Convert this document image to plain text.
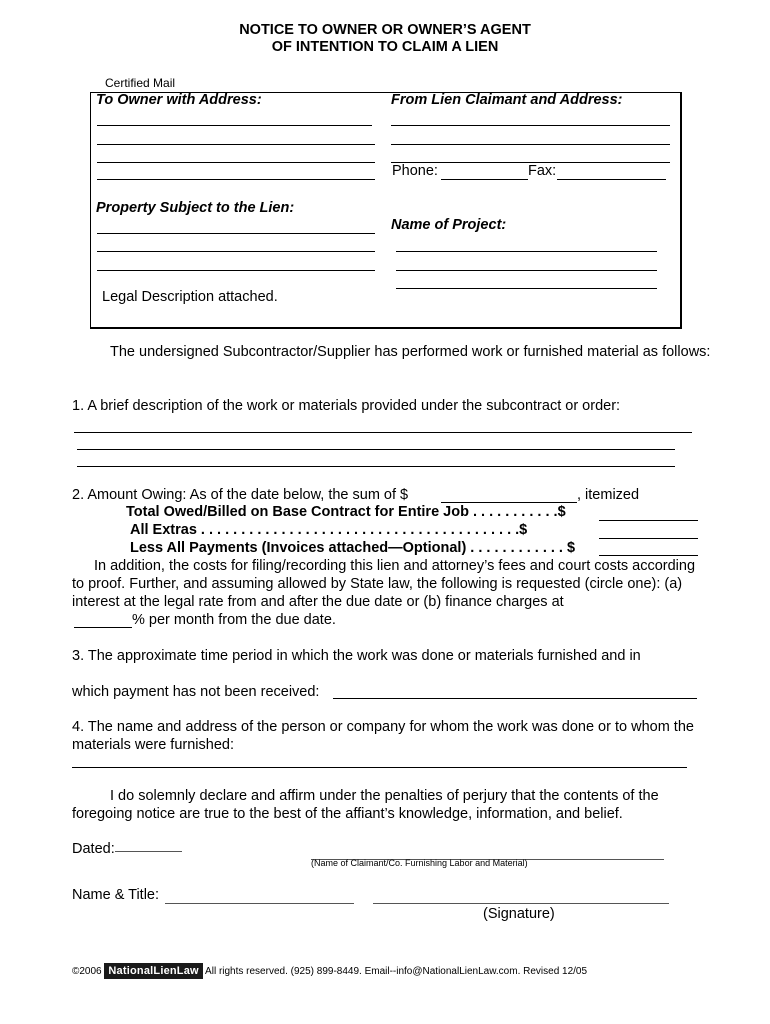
NOTICE TO OWNER OR OWNER’S AGENT
OF INTENTION TO CLAIM A LIEN
Certified Mail
To Owner with Address:	From Lien Claimant and Address:
Phone:	Fax:
Property Subject to the Lien:
Name of Project:
Legal Description attached.
The undersigned Subcontractor/Supplier has performed work or furnished material as follows:
1. A brief description of the work or materials provided under the subcontract or order:
2. Amount Owing: As of the date below, the sum of $	, itemized
Total Owed/Billed on Base Contract for Entire Job . . . . . . . . . . .$
All Extras . . . . . . . . . . . . . . . . . . . . . . . . . . . . . . . . . . . . . . . .$
Less All Payments (Invoices attached—Optional) . . . . . . . . . . . . $
In addition, the costs for filing/recording this lien and attorney’s fees and court costs according to proof. Further, and assuming allowed by State law, the following is requested (circle one): (a) interest at the legal rate from and after the due date or (b) finance charges at
% per month from the due date.
3. The approximate time period in which the work was done or materials furnished and in
which payment has not been received:
4. The name and address of the person or company for whom the work was done or to whom the materials were furnished:
I do solemnly declare and affirm under the penalties of perjury that the contents of the foregoing notice are true to the best of the affiant’s knowledge, information, and belief.
Dated:
(Name of Claimant/Co. Furnishing Labor and Material)
Name & Title:
(Signature)
©2006 NationalLienLaw All rights reserved. (925) 899-8449. Email--info@NationalLienLaw.com. Revised 12/05
